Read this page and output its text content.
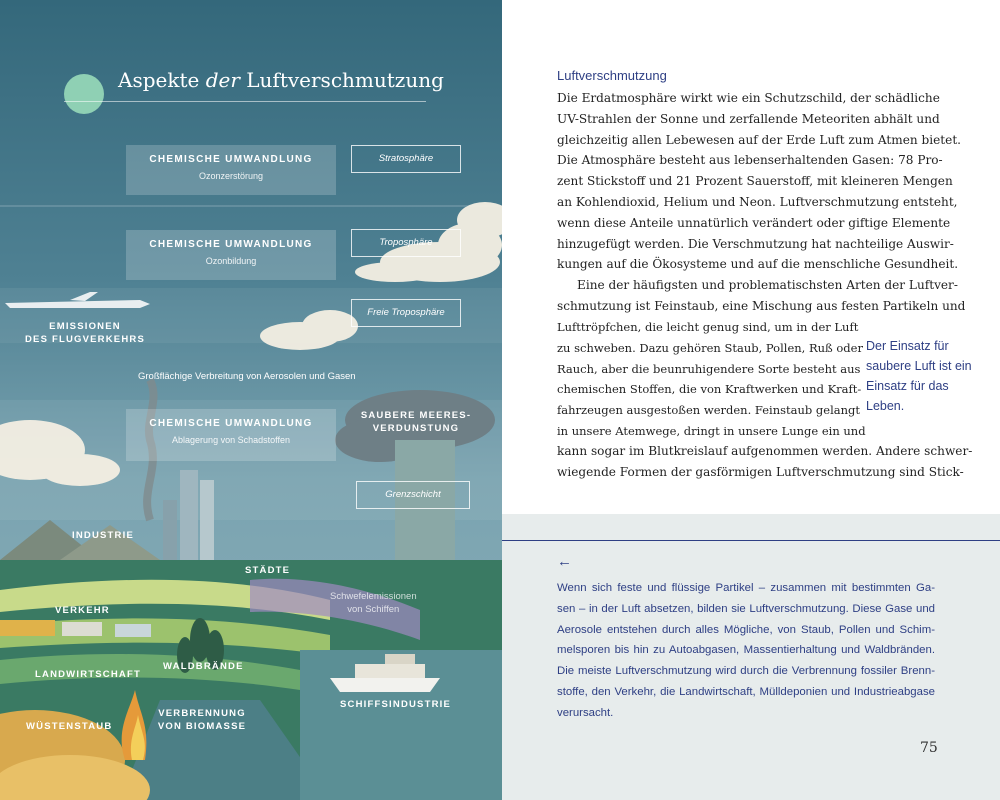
Aspekte der Luftverschmutzung
CHEMISCHE UMWANDLUNG
Ozonzerstörung
Stratosphäre
CHEMISCHE UMWANDLUNG
Ozonbildung
Troposphäre
Freie Troposphäre
EMISSIONEN
DES FLUGVERKEHRS
Großflächige Verbreitung von Aerosolen und Gasen
CHEMISCHE UMWANDLUNG
Ablagerung von Schadstoffen
SAUBERE MEERES-
VERDUNSTUNG
Grenzschicht
INDUSTRIE
STÄDTE
Schwefelemissionen
von Schiffen
VERKEHR
WALDBRÄNDE
LANDWIRTSCHAFT
SCHIFFSINDUSTRIE
VERBRENNUNG
VON BIOMASSE
WÜSTENSTAUB
Luftverschmutzung
Die Erdatmosphäre wirkt wie ein Schutzschild, der schädliche
UV-Strahlen der Sonne und zerfallende Meteoriten abhält und
gleichzeitig allen Lebewesen auf der Erde Luft zum Atmen bietet.
Die Atmosphäre besteht aus lebenserhaltenden Gasen: 78 Pro-
zent Stickstoff und 21 Prozent Sauerstoff, mit kleineren Mengen
an Kohlendioxid, Helium und Neon. Luftverschmutzung entsteht,
wenn diese Anteile unnatürlich verändert oder giftige Elemente
hinzugefügt werden. Die Verschmutzung hat nachteilige Auswir-
kungen auf die Ökosysteme und auf die menschliche Gesundheit.
Eine der häufigsten und problematischsten Arten der Luftver-
schmutzung ist Feinstaub, eine Mischung aus festen Partikeln und
Lufttröpfchen, die leicht genug sind, um in der Luft
zu schweben. Dazu gehören Staub, Pollen, Ruß oder
Rauch, aber die beunruhigendere Sorte besteht aus
chemischen Stoffen, die von Kraftwerken und Kraft-
fahrzeugen ausgestoßen werden. Feinstaub gelangt
in unsere Atemwege, dringt in unsere Lunge ein und
Der Einsatz für saubere Luft ist ein Einsatz für das Leben.
kann sogar im Blutkreislauf aufgenommen werden. Andere schwer-
wiegende Formen der gasförmigen Luftverschmutzung sind Stick-
←
Wenn sich feste und flüssige Partikel – zusammen mit bestimmten Ga-
sen – in der Luft absetzen, bilden sie Luftverschmutzung. Diese Gase und
Aerosole entstehen durch alles Mögliche, von Staub, Pollen und Schim-
melsporen bis hin zu Autoabgasen, Massentierhaltung und Waldbränden.
Die meiste Luftverschmutzung wird durch die Verbrennung fossiler Brenn-
stoffe, den Verkehr, die Landwirtschaft, Mülldeponien und Industrieabgase
verursacht.
75
